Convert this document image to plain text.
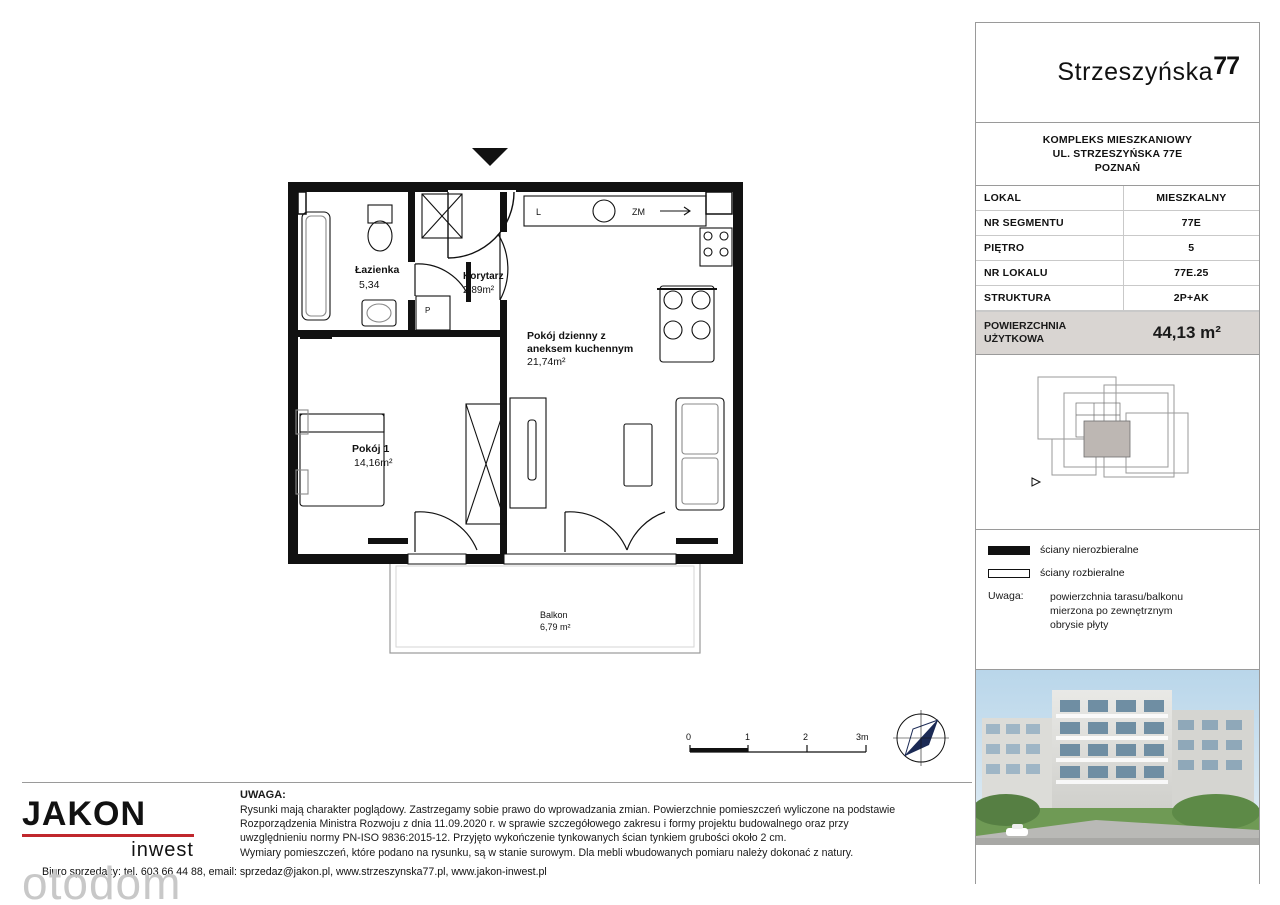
P
L	ZM
Łazienka
5,34
Korytarz
2,89m²
Pokój dzienny z
aneksem kuchennym
21,74m²
Pokój 1
14,16m²
Balkon
6,79 m²
0	1	2	3m
Strzeszyńska77
KOMPLEKS MIESZKANIOWY
UL. STRZESZYŃSKA 77E
POZNAŃ
LOKAL	MIESZKALNY
NR SEGMENTU	77E
PIĘTRO	5
NR LOKALU	77E.25
STRUKTURA	2P+AK
POWIERZCHNIA
UŻYTKOWA	44,13 m²
ściany nierozbieralne
ściany rozbieralne
Uwaga:	powierzchnia tarasu/balkonu
mierzona po zewnętrznym
obrysie płyty
JAKON
inwest
UWAGA:

Rysunki mają charakter poglądowy. Zastrzegamy sobie prawo do wprowadzania zmian. Powierzchnie pomieszczeń wyliczone na podstawie

Rozporządzenia Ministra Rozwoju z dnia 11.09.2020 r. w sprawie szczegółowego zakresu i formy projektu budowalnego oraz przy

uwzględnieniu normy PN-ISO 9836:2015-12. Przyjęto wykończenie tynkowanych ścian tynkiem grubości około 2 cm.

Wymiary pomieszczeń, które podano na rysunku, są w stanie surowym. Dla mebli wbudowanych pomiaru należy dokonać z natury.

Biuro sprzedaży: tel. 603 66 44 88, email: sprzedaz@jakon.pl, www.strzeszynska77.pl, www.jakon-inwest.pl
otodom
